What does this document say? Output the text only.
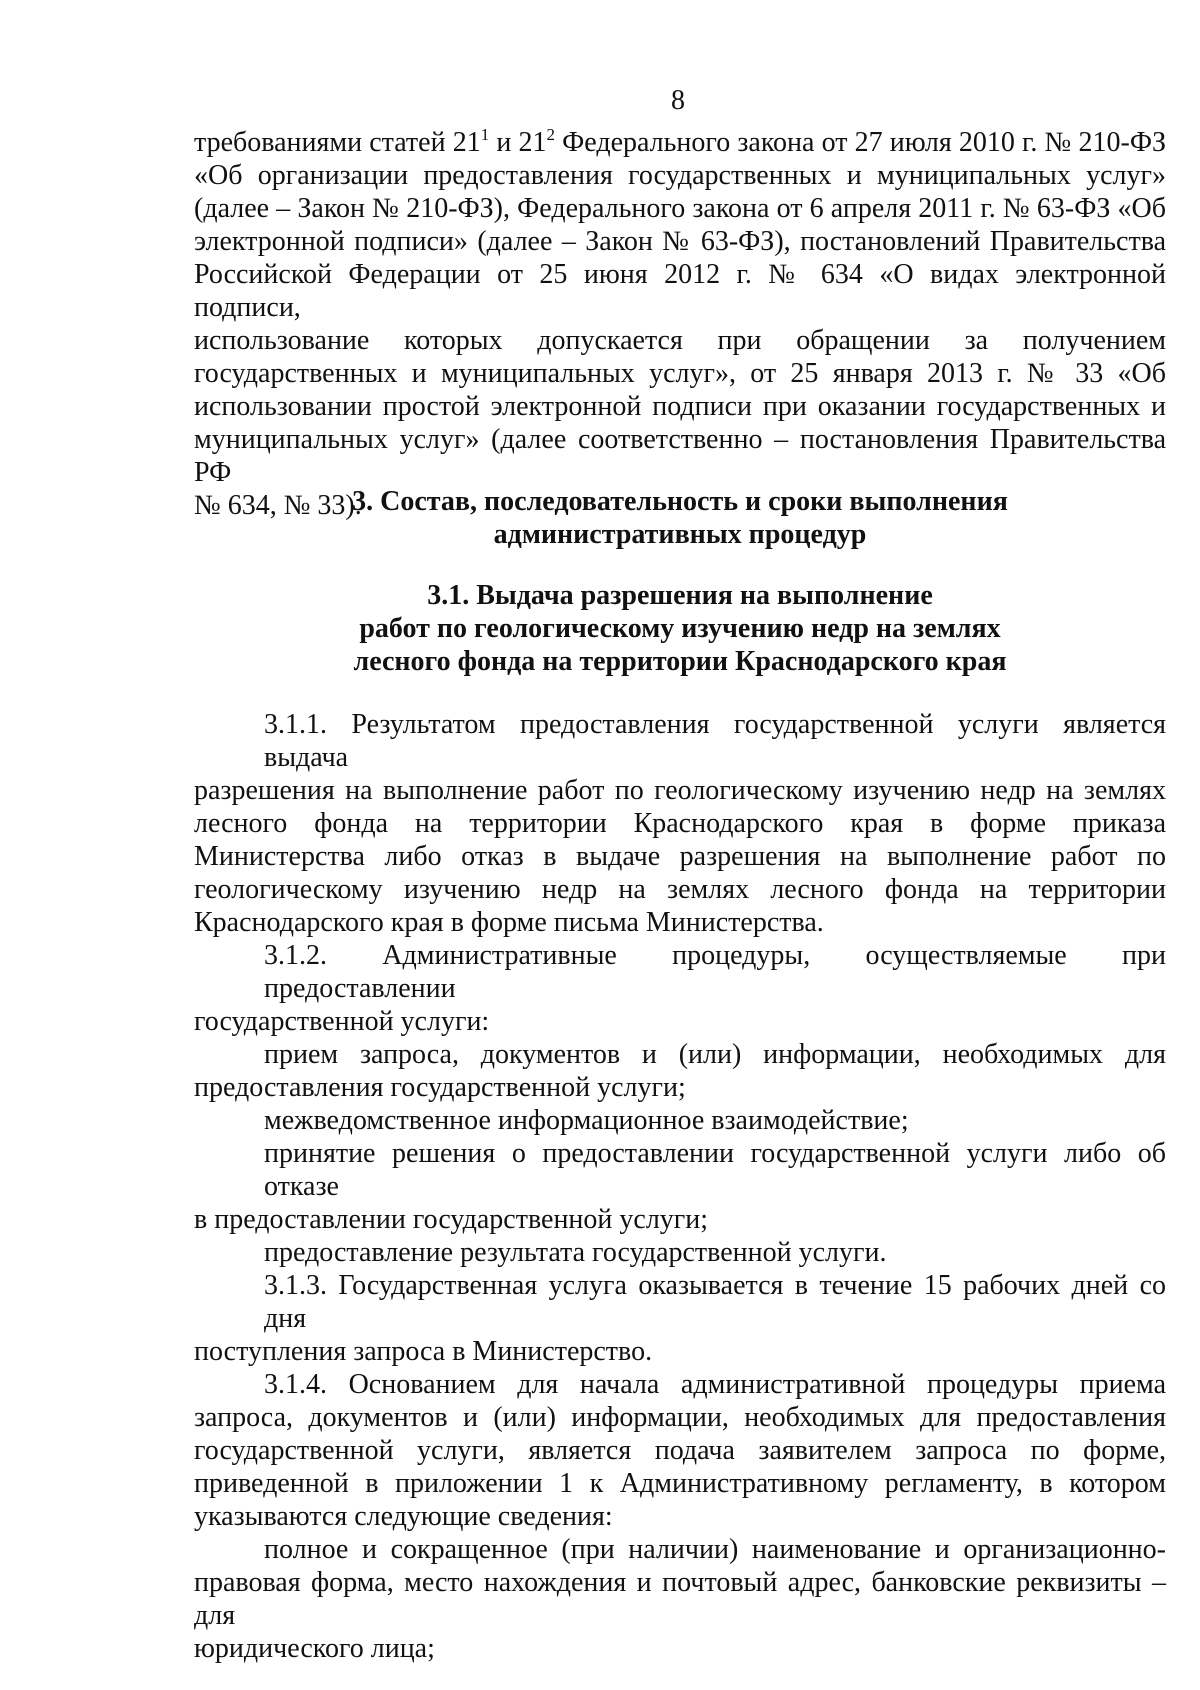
8
требованиями статей $21^1$ и $21^2$ Федерального закона от 27 июля 2010 г. № 210-ФЗ
«Об организации предоставления государственных и муниципальных услуг»
(далее – Закон № 210-ФЗ), Федерального закона от 6 апреля 2011 г. № 63-ФЗ «Об
электронной подписи» (далее – Закон № 63-ФЗ), постановлений Правительства
Российской Федерации от 25 июня 2012 г. № 634 «О видах электронной подписи,
использование которых допускается при обращении за получением
государственных и муниципальных услуг», от 25 января 2013 г. № 33 «Об
использовании простой электронной подписи при оказании государственных и
муниципальных услуг» (далее соответственно – постановления Правительства РФ
№ 634, № 33).
3. Состав, последовательность и сроки выполнения
административных процедур
3.1. Выдача разрешения на выполнение
работ по геологическому изучению недр на землях
лесного фонда на территории Краснодарского края
3.1.1. Результатом предоставления государственной услуги является выдача
разрешения на выполнение работ по геологическому изучению недр на землях
лесного фонда на территории Краснодарского края в форме приказа
Министерства либо отказ в выдаче разрешения на выполнение работ по
геологическому изучению недр на землях лесного фонда на территории
Краснодарского края в форме письма Министерства.
3.1.2. Административные процедуры, осуществляемые при предоставлении
государственной услуги:
прием запроса, документов и (или) информации, необходимых для
предоставления государственной услуги;
межведомственное информационное взаимодействие;
принятие решения о предоставлении государственной услуги либо об отказе
в предоставлении государственной услуги;
предоставление результата государственной услуги.
3.1.3. Государственная услуга оказывается в течение 15 рабочих дней со дня
поступления запроса в Министерство.
3.1.4. Основанием для начала административной процедуры приема
запроса, документов и (или) информации, необходимых для предоставления
государственной услуги, является подача заявителем запроса по форме,
приведенной в приложении 1 к Административному регламенту, в котором
указываются следующие сведения:
полное и сокращенное (при наличии) наименование и организационно-
правовая форма, место нахождения и почтовый адрес, банковские реквизиты – для
юридического лица;
